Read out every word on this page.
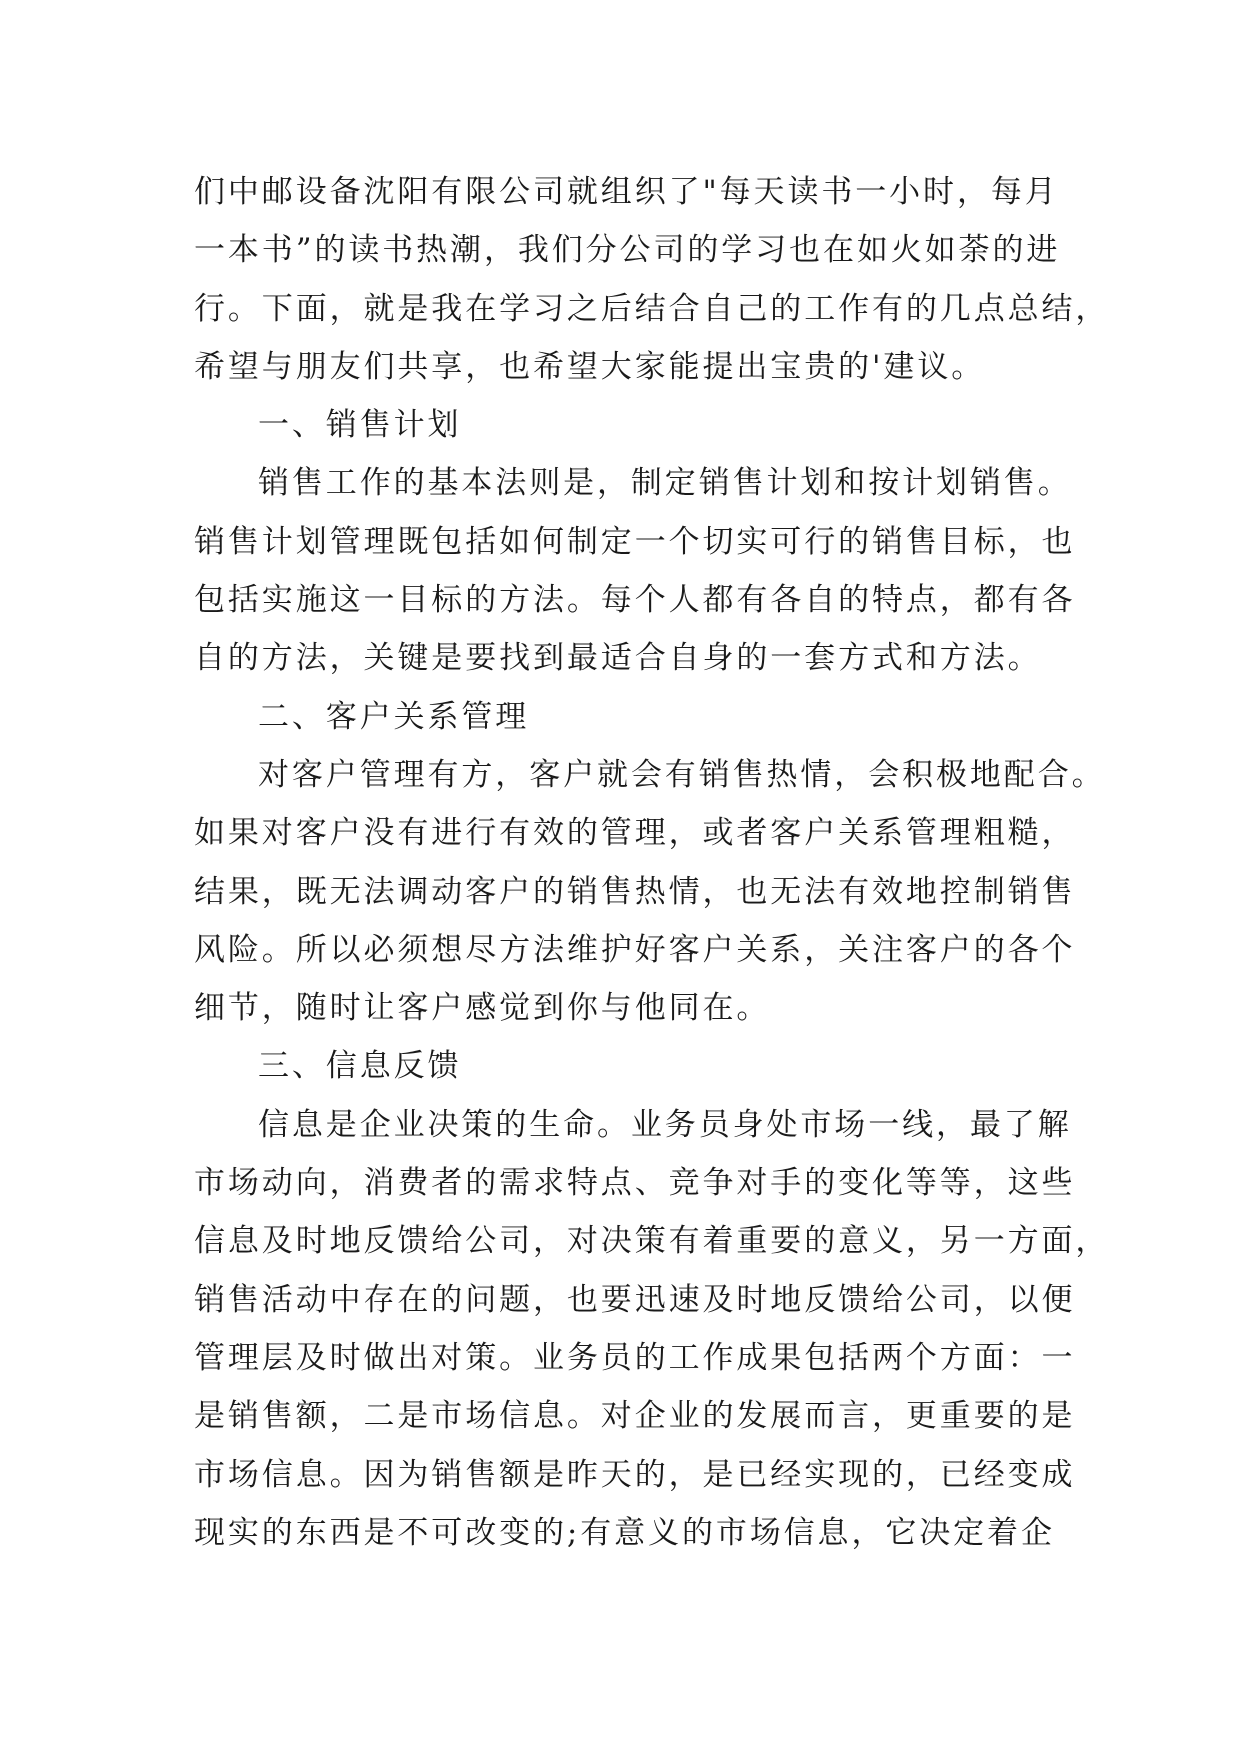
们中邮设备沈阳有限公司就组织了"每天读书一小时，每月
一本书”的读书热潮，我们分公司的学习也在如火如荼的进
行。下面，就是我在学习之后结合自己的工作有的几点总结，
希望与朋友们共享，也希望大家能提出宝贵的'建议。
一、销售计划
销售工作的基本法则是，制定销售计划和按计划销售。
销售计划管理既包括如何制定一个切实可行的销售目标，也
包括实施这一目标的方法。每个人都有各自的特点，都有各
自的方法，关键是要找到最适合自身的一套方式和方法。
二、客户关系管理
对客户管理有方，客户就会有销售热情，会积极地配合。
如果对客户没有进行有效的管理，或者客户关系管理粗糙，
结果，既无法调动客户的销售热情，也无法有效地控制销售
风险。所以必须想尽方法维护好客户关系，关注客户的各个
细节，随时让客户感觉到你与他同在。
三、信息反馈
信息是企业决策的生命。业务员身处市场一线，最了解
市场动向，消费者的需求特点、竞争对手的变化等等，这些
信息及时地反馈给公司，对决策有着重要的意义，另一方面，
销售活动中存在的问题，也要迅速及时地反馈给公司，以便
管理层及时做出对策。业务员的工作成果包括两个方面：一
是销售额，二是市场信息。对企业的发展而言，更重要的是
市场信息。因为销售额是昨天的，是已经实现的，已经变成
现实的东西是不可改变的;有意义的市场信息，它决定着企
